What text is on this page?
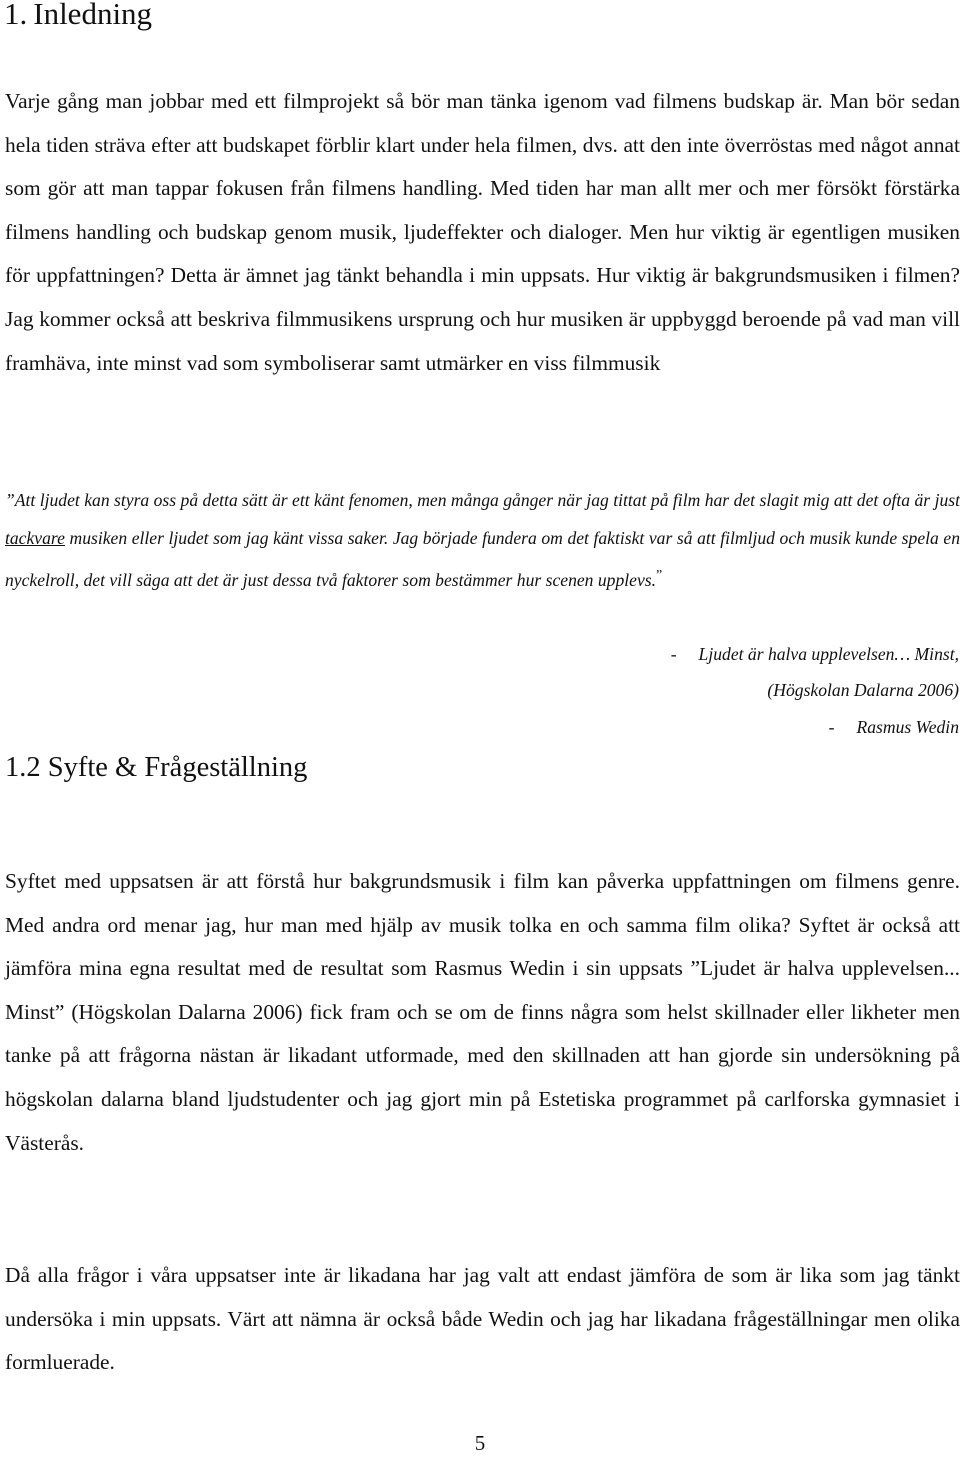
1. Inledning

Varje gång man jobbar med ett filmprojekt så bör man tänka igenom vad filmens budskap är. Man bör sedan hela tiden sträva efter att budskapet förblir klart under hela filmen, dvs. att den inte överröstas med något annat som gör att man tappar fokusen från filmens handling. Med tiden har man allt mer och mer försökt förstärka filmens handling och budskap genom musik, ljudeffekter och dialoger. Men hur viktig är egentligen musiken för uppfattningen? Detta är ämnet jag tänkt behandla i min uppsats. Hur viktig är bakgrundsmusiken i filmen? Jag kommer också att beskriva filmmusikens ursprung och hur musiken är uppbyggd beroende på vad man vill framhäva, inte minst vad som symboliserar samt utmärker en viss filmmusik

”Att ljudet kan styra oss på detta sätt är ett känt fenomen, men många gånger när jag tittat på film har det slagit mig att det ofta är just tackvare musiken eller ljudet som jag känt vissa saker. Jag började fundera om det faktiskt var så att filmljud och musik kunde spela en nyckelroll, det vill säga att det är just dessa två faktorer som bestämmer hur scenen upplevs.”

- Ljudet är halva upplevelsen… Minst,

(Högskolan Dalarna 2006)

- Rasmus Wedin

1.2 Syfte & Frågeställning

Syftet med uppsatsen är att förstå hur bakgrundsmusik i film kan påverka uppfattningen om filmens genre. Med andra ord menar jag, hur man med hjälp av musik tolka en och samma film olika? Syftet är också att jämföra mina egna resultat med de resultat som Rasmus Wedin i sin uppsats ”Ljudet är halva upplevelsen... Minst” (Högskolan Dalarna 2006) fick fram och se om de finns några som helst skillnader eller likheter men tanke på att frågorna nästan är likadant utformade, med den skillnaden att han gjorde sin undersökning på högskolan dalarna bland ljudstudenter och jag gjort min på Estetiska programmet på carlforska gymnasiet i Västerås.

Då alla frågor i våra uppsatser inte är likadana har jag valt att endast jämföra de som är lika som jag tänkt undersöka i min uppsats. Värt att nämna är också både Wedin och jag har likadana frågeställningar men olika formluerade.

5
